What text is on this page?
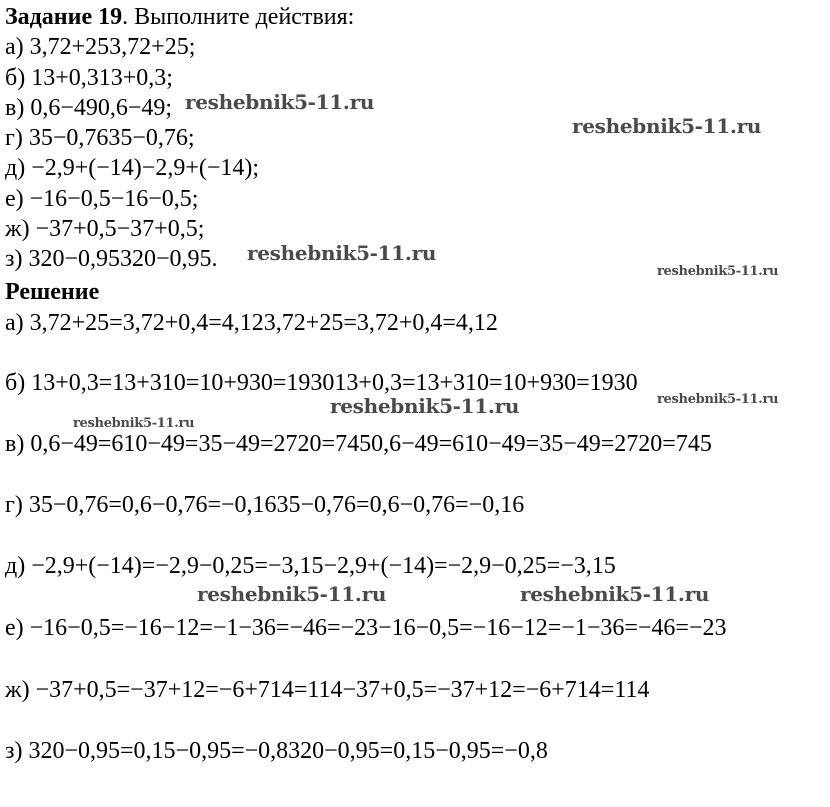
Задание 19. Выполните действия:
а) 3,72+253,72+25;
б) 13+0,313+0,3;
в) 0,6−490,6−49;
г) 35−0,7635−0,76;
д) −2,9+(−14)−2,9+(−14);
е) −16−0,5−16−0,5;
ж) −37+0,5−37+0,5;
з) 320−0,95320−0,95.
Решение
а) 3,72+25=3,72+0,4=4,123,72+25=3,72+0,4=4,12
б) 13+0,3=13+310=10+930=193013+0,3=13+310=10+930=1930
в) 0,6−49=610−49=35−49=2720=7450,6−49=610−49=35−49=2720=745
г) 35−0,76=0,6−0,76=−0,1635−0,76=0,6−0,76=−0,16
д) −2,9+(−14)=−2,9−0,25=−3,15−2,9+(−14)=−2,9−0,25=−3,15
е) −16−0,5=−16−12=−1−36=−46=−23−16−0,5=−16−12=−1−36=−46=−23
ж) −37+0,5=−37+12=−6+714=114−37+0,5=−37+12=−6+714=114
з) 320−0,95=0,15−0,95=−0,8320−0,95=0,15−0,95=−0,8
reshebnik5-11.ru
reshebnik5-11.ru
reshebnik5-11.ru
reshebnik5-11.ru
reshebnik5-11.ru	reshebnik5-11.ru
reshebnik5-11.ru
reshebnik5-11.ru	reshebnik5-11.ru
